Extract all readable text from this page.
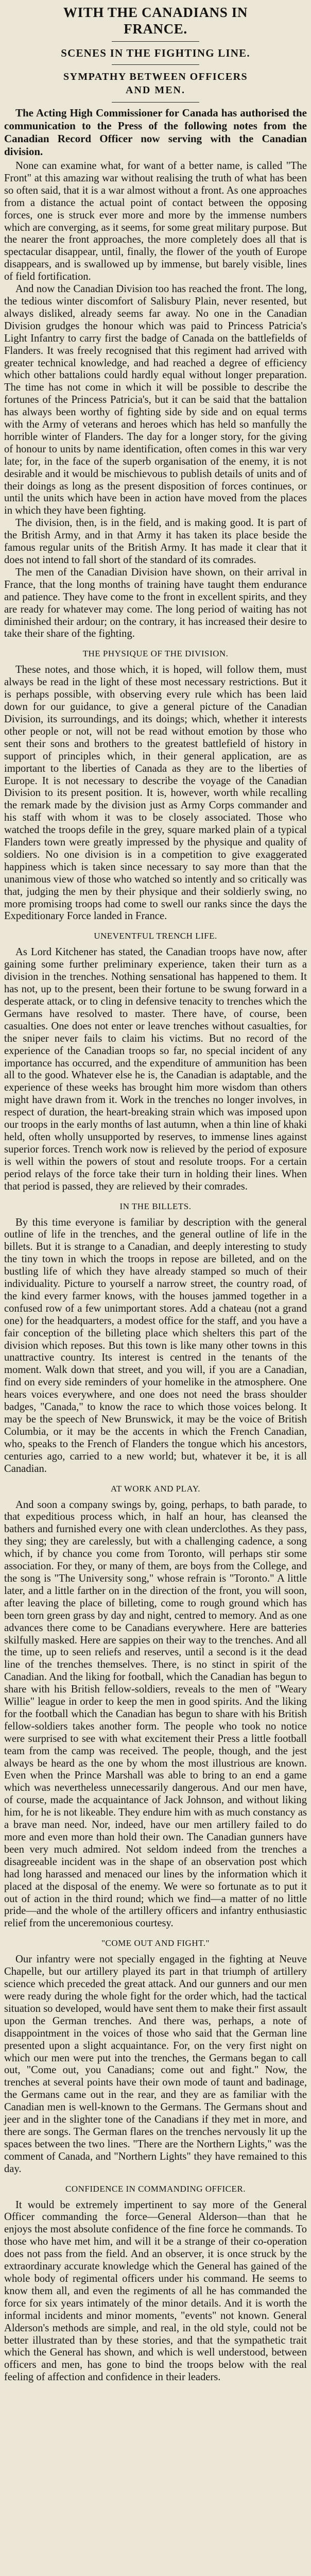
WITH THE CANADIANS IN
FRANCE.
SCENES IN THE FIGHTING LINE.
SYMPATHY BETWEEN OFFICERS
AND MEN.

The Acting High Commissioner for Canada has authorised the communication to the Press of the following notes from the Canadian Record Officer now serving with the Canadian division.

None can examine what, for want of a better name, is called "The Front" at this amazing war without realising the truth of what has been so often said, that it is a war almost without a front. As one approaches from a distance the actual point of contact between the opposing forces, one is struck ever more and more by the immense numbers which are converging, as it seems, for some great military purpose. But the nearer the front approaches, the more completely does all that is spectacular disappear, until, finally, the flower of the youth of Europe disappears, and is swallowed up by immense, but barely visible, lines of field fortification.

And now the Canadian Division too has reached the front. The long, the tedious winter discomfort of Salisbury Plain, never resented, but always disliked, already seems far away. No one in the Canadian Division grudges the honour which was paid to Princess Patricia's Light Infantry to carry first the badge of Canada on the battlefields of Flanders. It was freely recognised that this regiment had arrived with greater technical knowledge, and had reached a degree of efficiency which other battalions could hardly equal without longer preparation. The time has not come in which it will be possible to describe the fortunes of the Princess Patricia's, but it can be said that the battalion has always been worthy of fighting side by side and on equal terms with the Army of veterans and heroes which has held so manfully the horrible winter of Flanders. The day for a longer story, for the giving of honour to units by name identification, often comes in this war very late; for, in the face of the superb organisation of the enemy, it is not desirable and it would be mischievous to publish details of units and of their doings as long as the present disposition of forces continues, or until the units which have been in action have moved from the places in which they have been fighting.

The division, then, is in the field, and is making good. It is part of the British Army, and in that Army it has taken its place beside the famous regular units of the British Army. It has made it clear that it does not intend to fall short of the standard of its comrades.

The men of the Canadian Division have shown, on their arrival in France, that the long months of training have taught them endurance and patience. They have come to the front in excellent spirits, and they are ready for whatever may come. The long period of waiting has not diminished their ardour; on the contrary, it has increased their desire to take their share of the fighting.

THE PHYSIQUE OF THE DIVISION.

These notes, and those which, it is hoped, will follow them, must always be read in the light of these most necessary restrictions. But it is perhaps possible, with observing every rule which has been laid down for our guidance, to give a general picture of the Canadian Division, its surroundings, and its doings; which, whether it interests other people or not, will not be read without emotion by those who sent their sons and brothers to the greatest battlefield of history in support of principles which, in their general application, are as important to the liberties of Canada as they are to the liberties of Europe. It is not necessary to describe the voyage of the Canadian Division to its present position. It is, however, worth while recalling the remark made by the division just as Army Corps commander and his staff with whom it was to be closely associated. Those who watched the troops defile in the grey, square marked plain of a typical Flanders town were greatly impressed by the physique and quality of soldiers. No one division is in a competition to give exaggerated happiness which is taken since necessary to say more than that the unanimous view of those who watched so intently and so critically was that, judging the men by their physique and their soldierly swing, no more promising troops had come to swell our ranks since the days the Expeditionary Force landed in France.

UNEVENTFUL TRENCH LIFE.

As Lord Kitchener has stated, the Canadian troops have now, after gaining some further preliminary experience, taken their turn as a division in the trenches. Nothing sensational has happened to them. It has not, up to the present, been their fortune to be swung forward in a desperate attack, or to cling in defensive tenacity to trenches which the Germans have resolved to master. There have, of course, been casualties. One does not enter or leave trenches without casualties, for the sniper never fails to claim his victims. But no record of the experience of the Canadian troops so far, no special incident of any importance has occurred, and the expenditure of ammunition has been all to the good. Whatever else he is, the Canadian is adaptable, and the experience of these weeks has brought him more wisdom than others might have drawn from it. Work in the trenches no longer involves, in respect of duration, the heart-breaking strain which was imposed upon our troops in the early months of last autumn, when a thin line of khaki held, often wholly unsupported by reserves, to immense lines against superior forces. Trench work now is relieved by the period of exposure is well within the powers of stout and resolute troops. For a certain period relays of the force take their turn in holding their lines. When that period is passed, they are relieved by their comrades.

IN THE BILLETS.

By this time everyone is familiar by description with the general outline of life in the trenches, and the general outline of life in the billets. But it is strange to a Canadian, and deeply interesting to study the tiny town in which the troops in repose are billeted, and on the bustling life of which they have already stamped so much of their individuality. Picture to yourself a narrow street, the country road, of the kind every farmer knows, with the houses jammed together in a confused row of a few unimportant stores. Add a chateau (not a grand one) for the headquarters, a modest office for the staff, and you have a fair conception of the billeting place which shelters this part of the division which reposes. But this town is like many other towns in this unattractive country. Its interest is centred in the tenants of the moment. Walk down that street, and you will, if you are a Canadian, find on every side reminders of your homelike in the atmosphere. One hears voices everywhere, and one does not need the brass shoulder badges, "Canada," to know the race to which those voices belong. It may be the speech of New Brunswick, it may be the voice of British Columbia, or it may be the accents in which the French Canadian, who, speaks to the French of Flanders the tongue which his ancestors, centuries ago, carried to a new world; but, whatever it be, it is all Canadian.

AT WORK AND PLAY.

And soon a company swings by, going, perhaps, to bath parade, to that expeditious process which, in half an hour, has cleansed the bathers and furnished every one with clean underclothes. As they pass, they sing; they are carelessly, but with a challenging cadence, a song which, if by chance you come from Toronto, will perhaps stir some association. For they, or many of them, are boys from the College, and the song is "The University song," whose refrain is "Toronto." A little later, and a little farther on in the direction of the front, you will soon, after leaving the place of billeting, come to rough ground which has been torn green grass by day and night, centred to memory. And as one advances there come to be Canadians everywhere. Here are batteries skilfully masked. Here are sappies on their way to the trenches. And all the time, up to seen reliefs and reserves, until a second is it the dead line of the trenches themselves. There, is no stinct in spirit of the Canadian. And the liking for football, which the Canadian has begun to share with his British fellow-soldiers, reveals to the men of "Weary Willie" league in order to keep the men in good spirits. And the liking for the football which the Canadian has begun to share with his British fellow-soldiers takes another form. The people who took no notice were surprised to see with what excitement their Press a little football team from the camp was received. The people, though, and the jest always be heard as the one by whom the most illustrious are known. Even when the Prince Marshall was able to bring to an end a game which was nevertheless unnecessarily dangerous. And our men have, of course, made the acquaintance of Jack Johnson, and without liking him, for he is not likeable. They endure him with as much constancy as a brave man need. Nor, indeed, have our men artillery failed to do more and even more than hold their own. The Canadian gunners have been very much admired. Not seldom indeed from the trenches a disagreeable incident was in the shape of an observation post which had long harassed and menaced our lines by the information which it placed at the disposal of the enemy. We were so fortunate as to put it out of action in the third round; which we find—a matter of no little pride—and the whole of the artillery officers and infantry enthusiastic relief from the unceremonious courtesy.

"COME OUT AND FIGHT."

Our infantry were not specially engaged in the fighting at Neuve Chapelle, but our artillery played its part in that triumph of artillery science which preceded the great attack. And our gunners and our men were ready during the whole fight for the order which, had the tactical situation so developed, would have sent them to make their first assault upon the German trenches. And there was, perhaps, a note of disappointment in the voices of those who said that the German line presented upon a slight acquaintance. For, on the very first night on which our men were put into the trenches, the Germans began to call out, "Come out, you Canadians; come out and fight." Now, the trenches at several points have their own mode of taunt and badinage, the Germans came out in the rear, and they are as familiar with the Canadian men is well-known to the Germans. The Germans shout and jeer and in the slighter tone of the Canadians if they met in more, and there are songs. The German flares on the trenches nervously lit up the spaces between the two lines. "There are the Northern Lights," was the comment of Canada, and "Northern Lights" they have remained to this day.

CONFIDENCE IN COMMANDING OFFICER.

It would be extremely impertinent to say more of the General Officer commanding the force—General Alderson—than that he enjoys the most absolute confidence of the fine force he commands. To those who have met him, and will it be a strange of their co-operation does not pass from the field. And an observer, it is once struck by the extraordinary accurate knowledge which the General has gained of the whole body of regimental officers under his command. He seems to know them all, and even the regiments of all he has commanded the force for six years intimately of the minor details. And it is worth the informal incidents and minor moments, "events" not known. General Alderson's methods are simple, and real, in the old style, could not be better illustrated than by these stories, and that the sympathetic trait which the General has shown, and which is well understood, between officers and men, has gone to bind the troops below with the real feeling of affection and confidence in their leaders.
